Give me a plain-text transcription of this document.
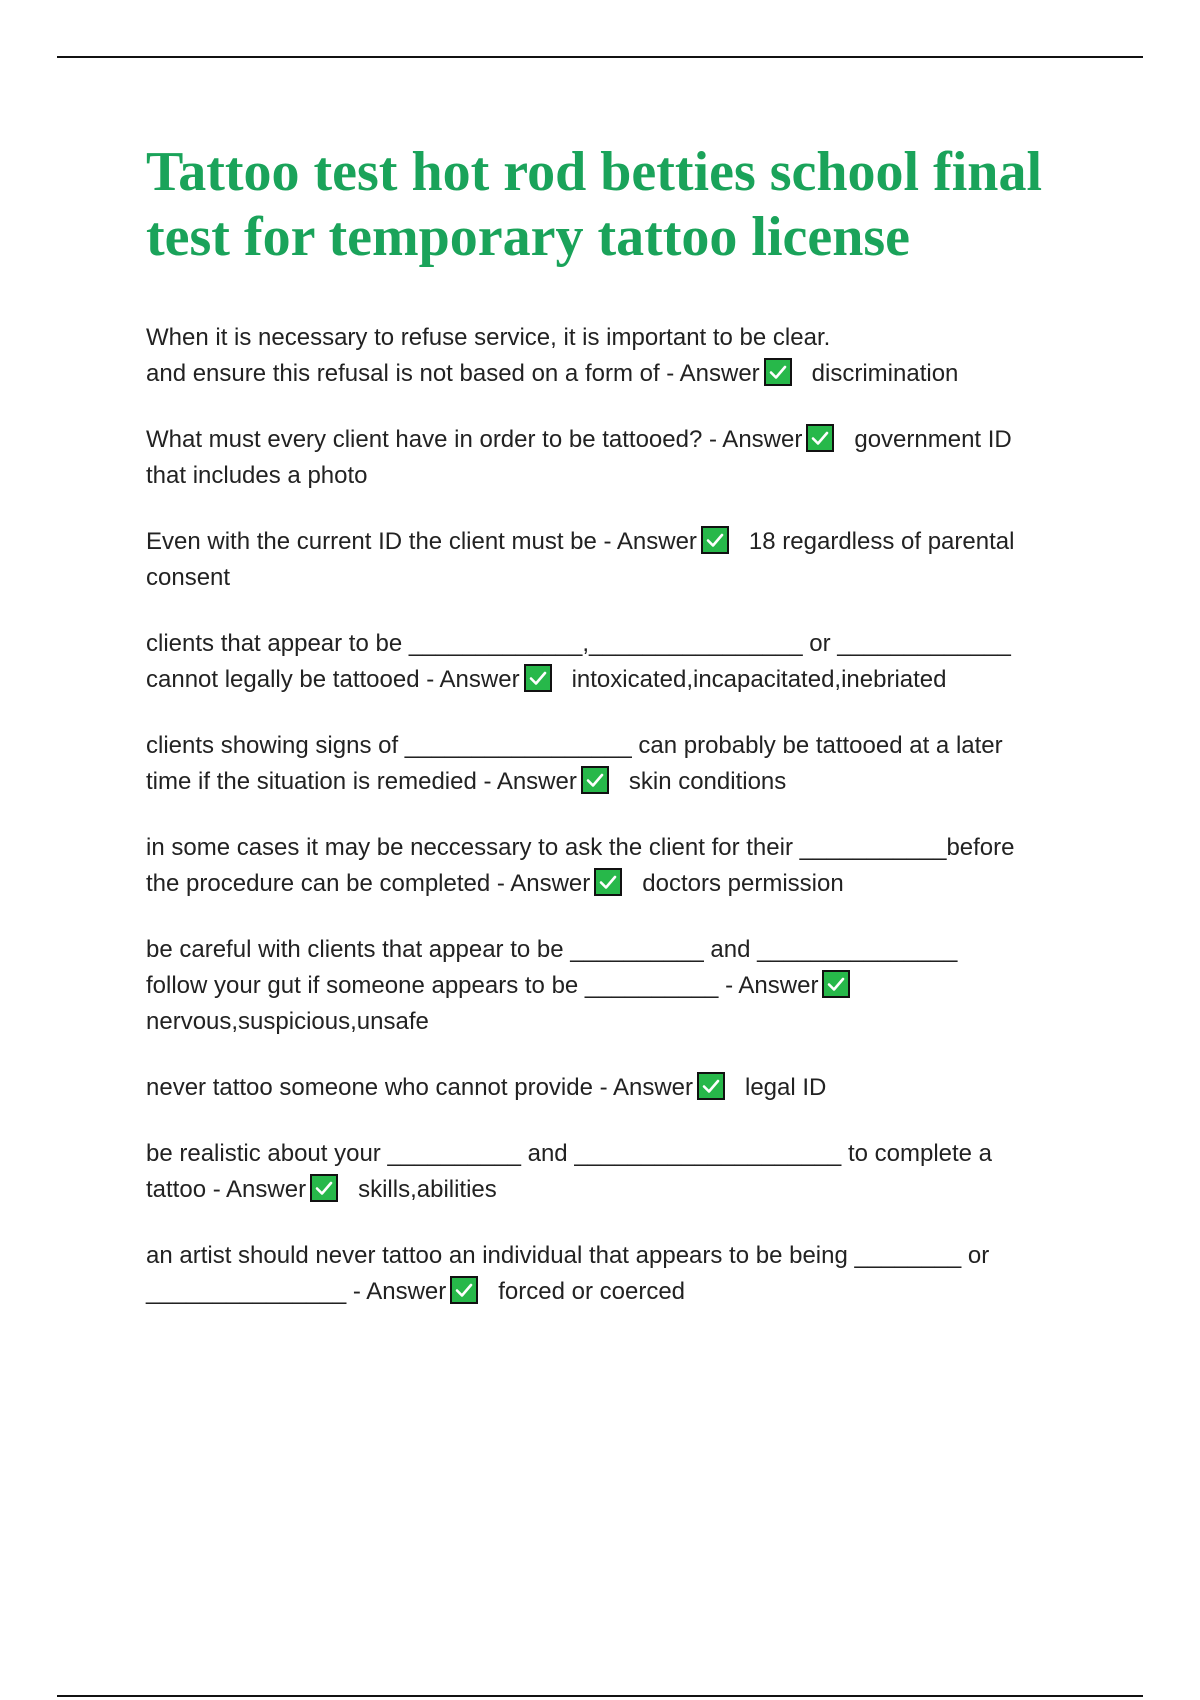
Tattoo test hot rod betties school final
test for temporary tattoo license
When it is necessary to refuse service, it is important to be clear.
and ensure this refusal is not based on a form of - Answer discrimination
What must every client have in order to be tattooed? - Answer government ID
that includes a photo
Even with the current ID the client must be - Answer 18 regardless of parental
consent
clients that appear to be _____________,________________ or _____________
cannot legally be tattooed - Answer intoxicated,incapacitated,inebriated
clients showing signs of _________________ can probably be tattooed at a later
time if the situation is remedied - Answer skin conditions
in some cases it may be neccessary to ask the client for their ___________before
the procedure can be completed - Answer doctors permission
be careful with clients that appear to be __________ and _______________
follow your gut if someone appears to be __________ - Answer
nervous,suspicious,unsafe
never tattoo someone who cannot provide - Answer legal ID
be realistic about your __________ and ____________________ to complete a
tattoo - Answer skills,abilities
an artist should never tattoo an individual that appears to be being ________ or
_______________ - Answer forced or coerced
